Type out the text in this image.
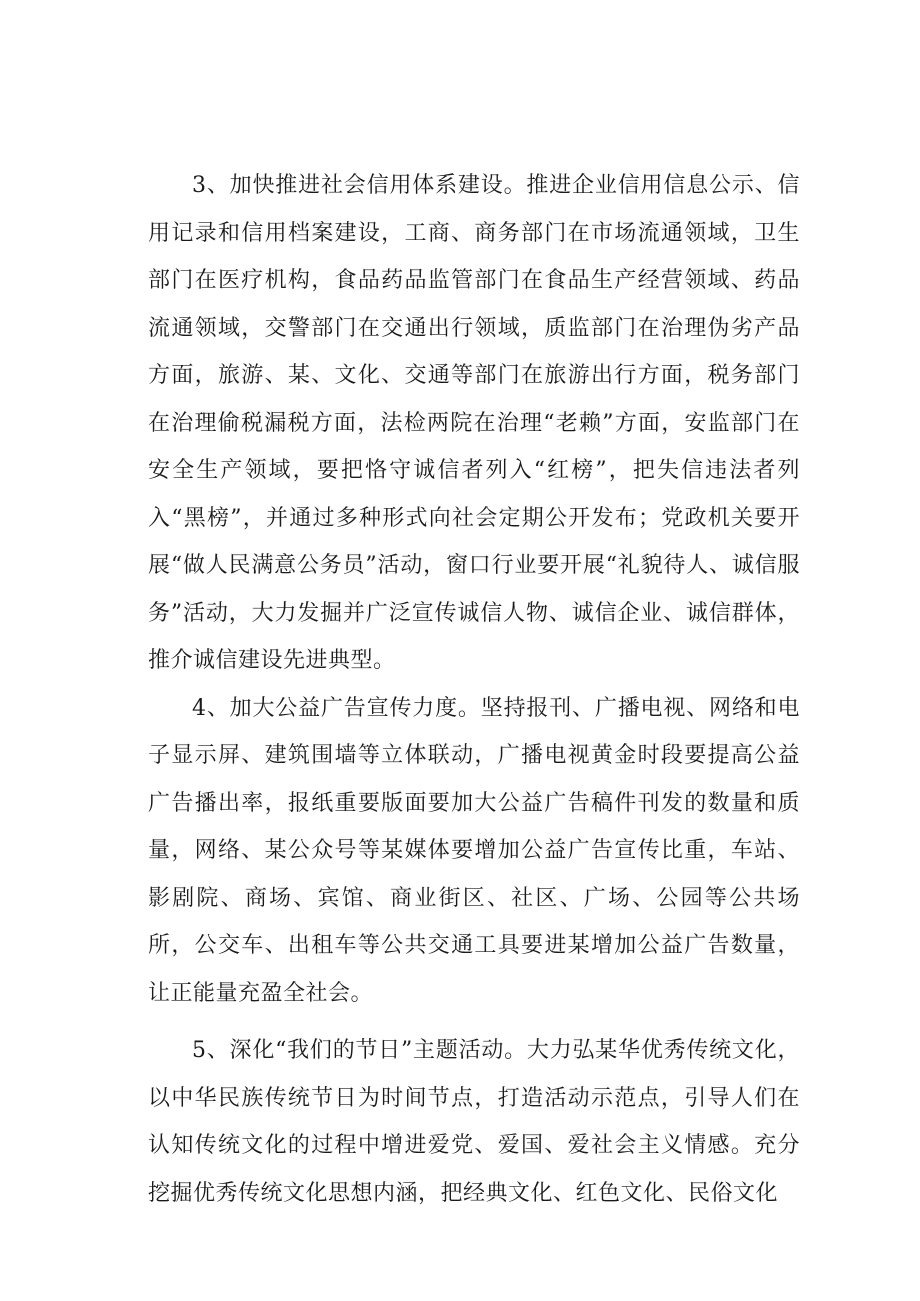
3、加快推进社会信用体系建设。推进企业信用信息公示、信用记录和信用档案建设，工商、商务部门在市场流通领域，卫生部门在医疗机构，食品药品监管部门在食品生产经营领域、药品流通领域，交警部门在交通出行领域，质监部门在治理伪劣产品方面，旅游、某、文化、交通等部门在旅游出行方面，税务部门在治理偷税漏税方面，法检两院在治理“老赖”方面，安监部门在安全生产领域，要把恪守诚信者列入“红榜”，把失信违法者列入“黑榜”，并通过多种形式向社会定期公开发布；党政机关要开展“做人民满意公务员”活动，窗口行业要开展“礼貌待人、诚信服务”活动，大力发掘并广泛宣传诚信人物、诚信企业、诚信群体，推介诚信建设先进典型。

4、加大公益广告宣传力度。坚持报刊、广播电视、网络和电子显示屏、建筑围墙等立体联动，广播电视黄金时段要提高公益广告播出率，报纸重要版面要加大公益广告稿件刊发的数量和质量，网络、某公众号等某媒体要增加公益广告宣传比重，车站、影剧院、商场、宾馆、商业街区、社区、广场、公园等公共场所，公交车、出租车等公共交通工具要进某增加公益广告数量，让正能量充盈全社会。

5、深化“我们的节日”主题活动。大力弘某华优秀传统文化，以中华民族传统节日为时间节点，打造活动示范点，引导人们在认知传统文化的过程中增进爱党、爱国、爱社会主义情感。充分挖掘优秀传统文化思想内涵，把经典文化、红色文化、民俗文化
